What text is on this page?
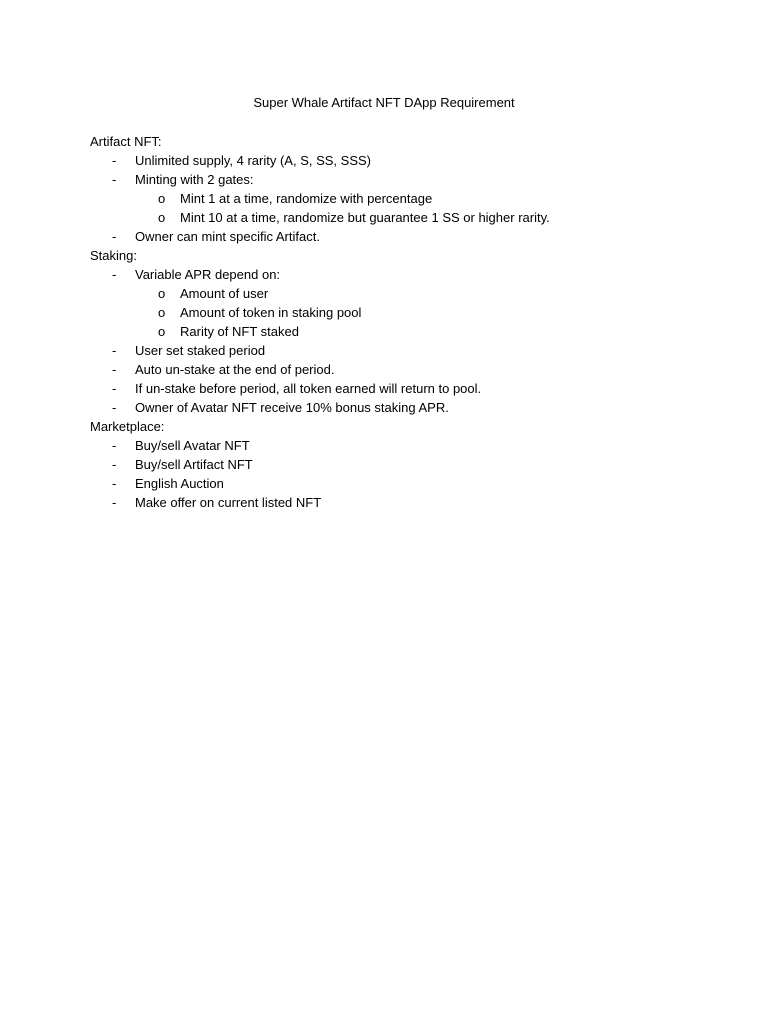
Super Whale Artifact NFT DApp Requirement
Artifact NFT:
- Unlimited supply, 4 rarity (A, S, SS, SSS)
- Minting with 2 gates:
o Mint 1 at a time, randomize with percentage
o Mint 10 at a time, randomize but guarantee 1 SS or higher rarity.
- Owner can mint specific Artifact.
Staking:
- Variable APR depend on:
o Amount of user
o Amount of token in staking pool
o Rarity of NFT staked
- User set staked period
- Auto un-stake at the end of period.
- If un-stake before period, all token earned will return to pool.
- Owner of Avatar NFT receive 10% bonus staking APR.
Marketplace:
- Buy/sell Avatar NFT
- Buy/sell Artifact NFT
- English Auction
- Make offer on current listed NFT
